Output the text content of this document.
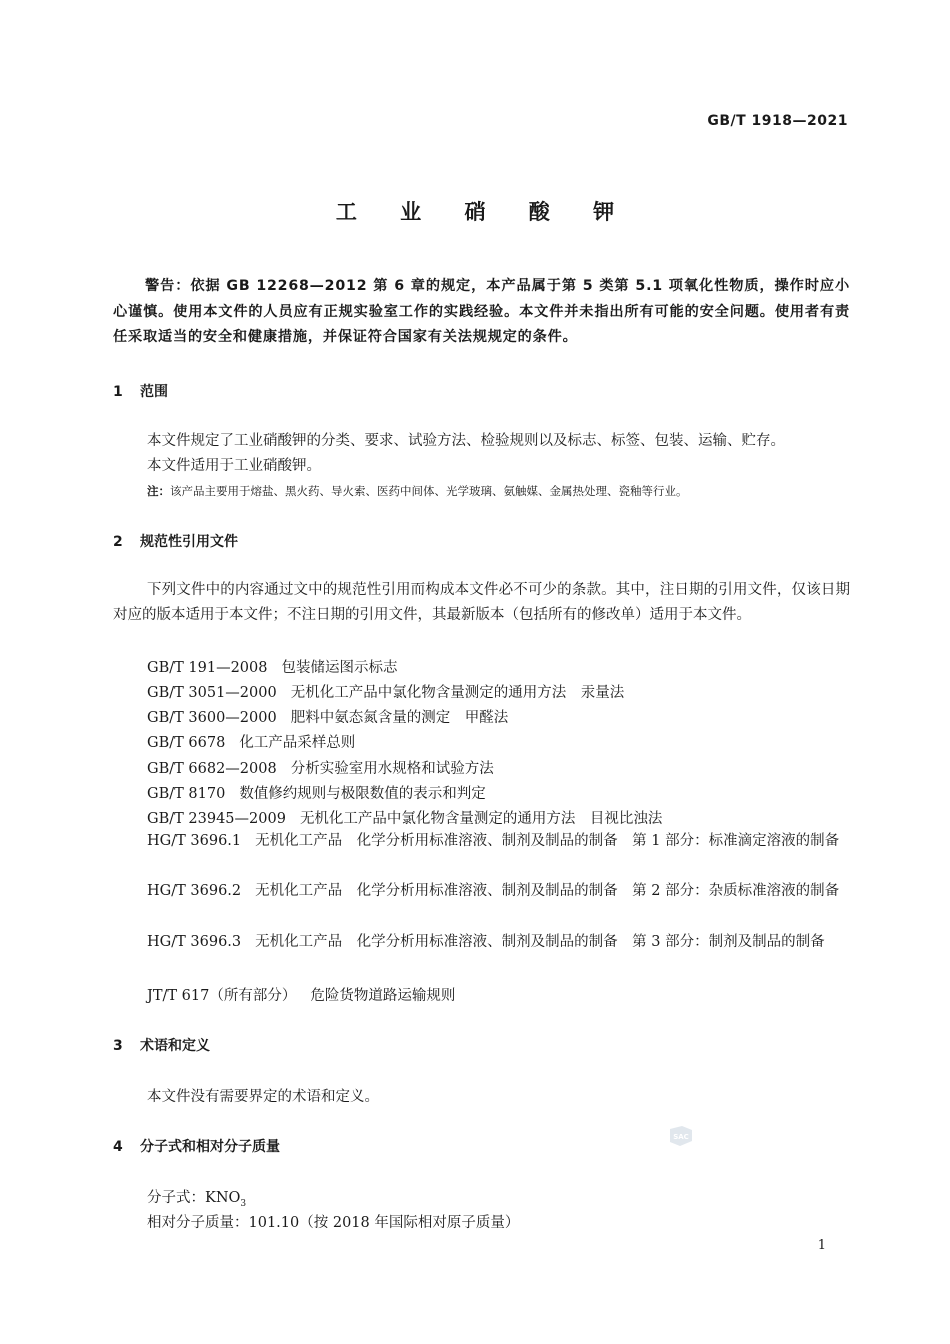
GB/T 1918—2021
工 业 硝 酸 钾
警告：依据 GB 12268—2012 第 6 章的规定，本产品属于第 5 类第 5.1 项氧化性物质，操作时应小心谨慎。使用本文件的人员应有正规实验室工作的实践经验。本文件并未指出所有可能的安全问题。使用者有责任采取适当的安全和健康措施，并保证符合国家有关法规规定的条件。
1 范围
本文件规定了工业硝酸钾的分类、要求、试验方法、检验规则以及标志、标签、包装、运输、贮存。
本文件适用于工业硝酸钾。
注：该产品主要用于熔盐、黑火药、导火索、医药中间体、光学玻璃、氨触媒、金属热处理、瓷釉等行业。
2 规范性引用文件
下列文件中的内容通过文中的规范性引用而构成本文件必不可少的条款。其中，注日期的引用文件，仅该日期对应的版本适用于本文件；不注日期的引用文件，其最新版本（包括所有的修改单）适用于本文件。
GB/T 191—2008 包装储运图示标志
GB/T 3051—2000 无机化工产品中氯化物含量测定的通用方法　汞量法
GB/T 3600—2000 肥料中氨态氮含量的测定　甲醛法
GB/T 6678 化工产品采样总则
GB/T 6682—2008 分析实验室用水规格和试验方法
GB/T 8170 数值修约规则与极限数值的表示和判定
GB/T 23945—2009 无机化工产品中氯化物含量测定的通用方法　目视比浊法
HG/T 3696.1 无机化工产品　化学分析用标准溶液、制剂及制品的制备　第 1 部分：标准滴定溶液的制备
HG/T 3696.2 无机化工产品　化学分析用标准溶液、制剂及制品的制备　第 2 部分：杂质标准溶液的制备
HG/T 3696.3 无机化工产品　化学分析用标准溶液、制剂及制品的制备　第 3 部分：制剂及制品的制备
JT/T 617（所有部分） 危险货物道路运输规则
3 术语和定义
本文件没有需要界定的术语和定义。
4 分子式和相对分子质量
SAC
分子式：$KNO_3$
相对分子质量：101.10（按 2018 年国际相对原子质量）
1
